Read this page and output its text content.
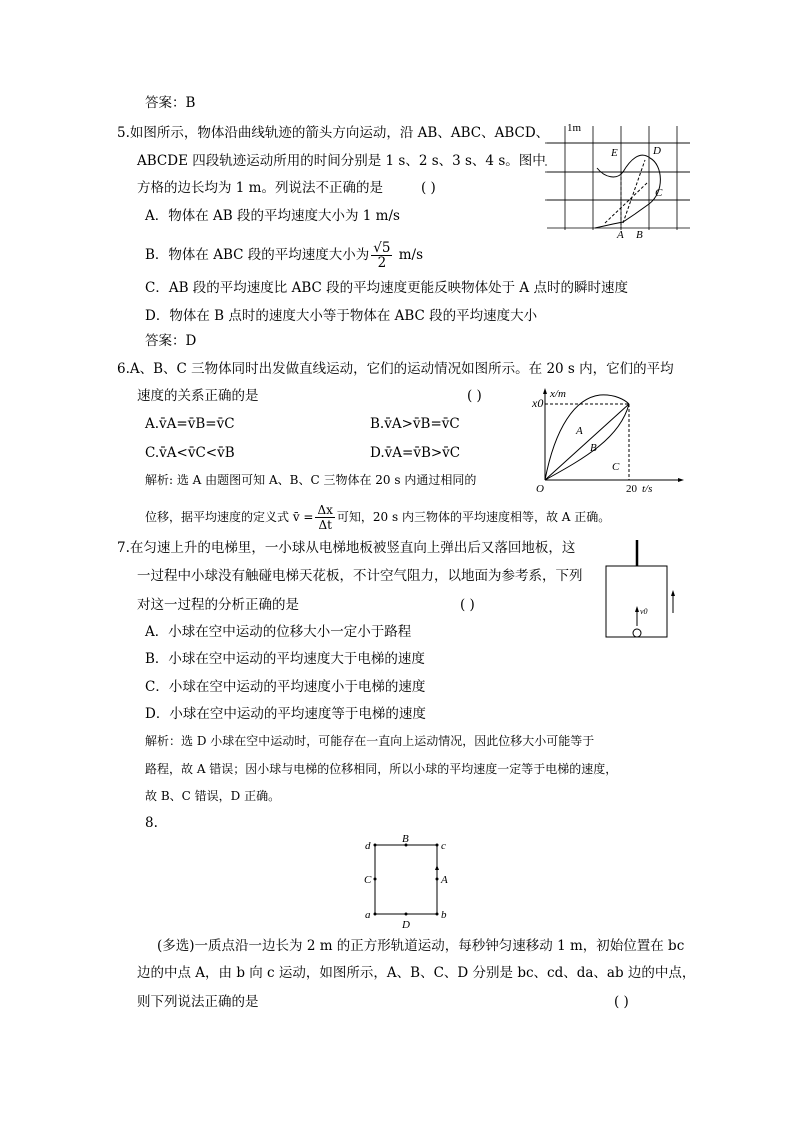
答案：B
5.如图所示，物体沿曲线轨迹的箭头方向运动，沿 AB、ABC、ABCD、
ABCDE 四段轨迹运动所用的时间分别是 1 s、2 s、3 s、4 s。图中
方格的边长均为 1 m。列说法不正确的是	( )
A．物体在 AB 段的平均速度大小为 1 m/s
B．物体在 ABC 段的平均速度大小为 $\frac{√5}{2} m/s$
C．AB 段的平均速度比 ABC 段的平均速度更能反映物体处于 A 点时的瞬时速度
D．物体在 B 点时的速度大小等于物体在 ABC 段的平均速度大小
答案：D
1m
A B
C
D
E
6.A、B、C 三物体同时出发做直线运动，它们的运动情况如图所示。在 20 s 内，它们的平均
速度的关系正确的是	( )
A.v̄A=v̄B=v̄C	B.v̄A>v̄B=v̄C
C.v̄A<v̄C<v̄B	D.v̄A=v̄B>v̄C
解析: 选 A 由题图可知 A、B、C 三物体在 20 s 内通过相同的
位移，据平均速度的定义式 v̄ = $\frac{\Delta x}{\Delta t}$ 可知，20 s 内三物体的平均速度相等，故 A 正确。
x/m
x0
O	20 t/s
A
B
C
7.在匀速上升的电梯里，一小球从电梯地板被竖直向上弹出后又落回地板，这
一过程中小球没有触碰电梯天花板，不计空气阻力，以地面为参考系，下列
对这一过程的分析正确的是	( )
A．小球在空中运动的位移大小一定小于路程
B．小球在空中运动的平均速度大于电梯的速度
C．小球在空中运动的平均速度小于电梯的速度
D．小球在空中运动的平均速度等于电梯的速度
解析：选 D 小球在空中运动时，可能存在一直向上运动情况，因此位移大小可能等于
路程，故 A 错误；因小球与电梯的位移相同，所以小球的平均速度一定等于电梯的速度，
故 B、C 错误，D 正确。
v0
8.
d	c
a	b
B
A
C
D
(多选)一质点沿一边长为 2 m 的正方形轨道运动，每秒钟匀速移动 1 m，初始位置在 bc
边的中点 A，由 b 向 c 运动，如图所示，A、B、C、D 分别是 bc、cd、da、ab 边的中点，
则下列说法正确的是	( )
